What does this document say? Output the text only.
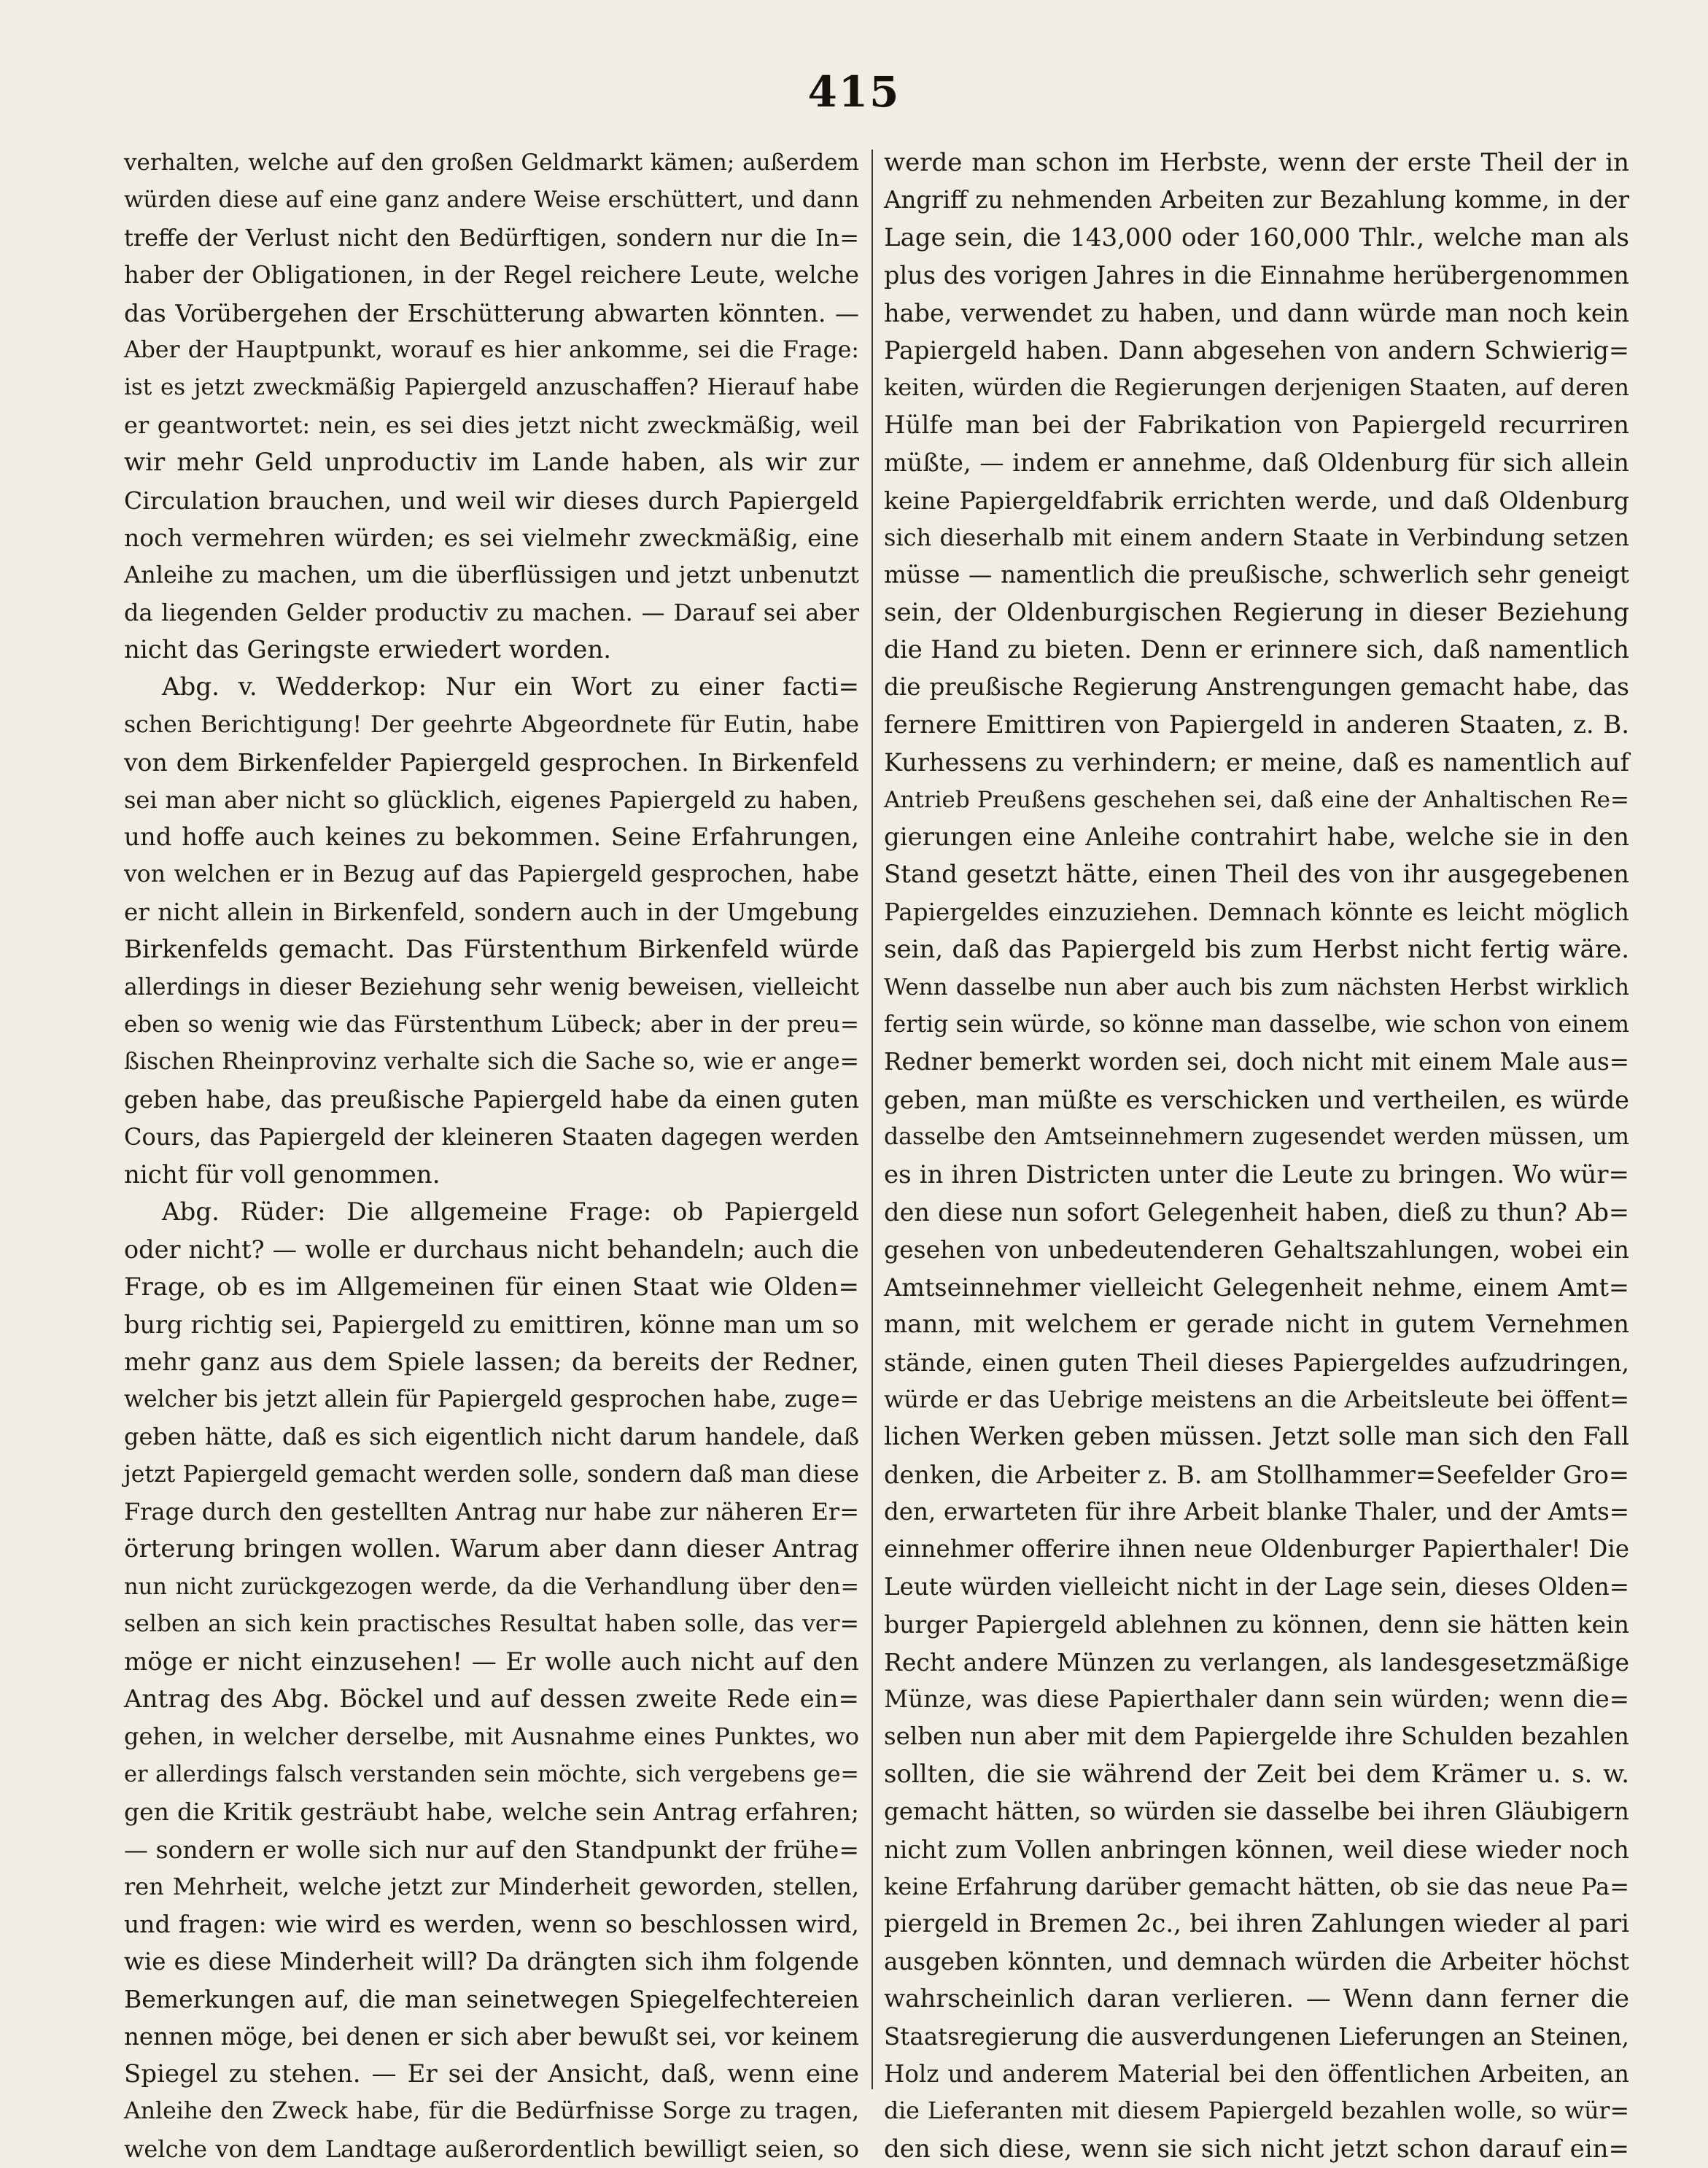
415
verhalten, welche auf den großen Geldmarkt kämen; außerdem
würden diese auf eine ganz andere Weise erschüttert, und dann
treffe der Verlust nicht den Bedürftigen, sondern nur die In=
haber der Obligationen, in der Regel reichere Leute, welche
das Vorübergehen der Erschütterung abwarten könnten. —
Aber der Hauptpunkt, worauf es hier ankomme, sei die Frage:
ist es jetzt zweckmäßig Papiergeld anzuschaffen? Hierauf habe
er geantwortet: nein, es sei dies jetzt nicht zweckmäßig, weil
wir mehr Geld unproductiv im Lande haben, als wir zur
Circulation brauchen, und weil wir dieses durch Papiergeld
noch vermehren würden; es sei vielmehr zweckmäßig, eine
Anleihe zu machen, um die überflüssigen und jetzt unbenutzt
da liegenden Gelder productiv zu machen. — Darauf sei aber
nicht das Geringste erwiedert worden.
Abg. v. Wedderkop: Nur ein Wort zu einer facti=
schen Berichtigung! Der geehrte Abgeordnete für Eutin, habe
von dem Birkenfelder Papiergeld gesprochen. In Birkenfeld
sei man aber nicht so glücklich, eigenes Papiergeld zu haben,
und hoffe auch keines zu bekommen. Seine Erfahrungen,
von welchen er in Bezug auf das Papiergeld gesprochen, habe
er nicht allein in Birkenfeld, sondern auch in der Umgebung
Birkenfelds gemacht. Das Fürstenthum Birkenfeld würde
allerdings in dieser Beziehung sehr wenig beweisen, vielleicht
eben so wenig wie das Fürstenthum Lübeck; aber in der preu=
ßischen Rheinprovinz verhalte sich die Sache so, wie er ange=
geben habe, das preußische Papiergeld habe da einen guten
Cours, das Papiergeld der kleineren Staaten dagegen werden
nicht für voll genommen.
Abg. Rüder: Die allgemeine Frage: ob Papiergeld
oder nicht? — wolle er durchaus nicht behandeln; auch die
Frage, ob es im Allgemeinen für einen Staat wie Olden=
burg richtig sei, Papiergeld zu emittiren, könne man um so
mehr ganz aus dem Spiele lassen; da bereits der Redner,
welcher bis jetzt allein für Papiergeld gesprochen habe, zuge=
geben hätte, daß es sich eigentlich nicht darum handele, daß
jetzt Papiergeld gemacht werden solle, sondern daß man diese
Frage durch den gestellten Antrag nur habe zur näheren Er=
örterung bringen wollen. Warum aber dann dieser Antrag
nun nicht zurückgezogen werde, da die Verhandlung über den=
selben an sich kein practisches Resultat haben solle, das ver=
möge er nicht einzusehen! — Er wolle auch nicht auf den
Antrag des Abg. Böckel und auf dessen zweite Rede ein=
gehen, in welcher derselbe, mit Ausnahme eines Punktes, wo
er allerdings falsch verstanden sein möchte, sich vergebens ge=
gen die Kritik gesträubt habe, welche sein Antrag erfahren;
— sondern er wolle sich nur auf den Standpunkt der frühe=
ren Mehrheit, welche jetzt zur Minderheit geworden, stellen,
und fragen: wie wird es werden, wenn so beschlossen wird,
wie es diese Minderheit will? Da drängten sich ihm folgende
Bemerkungen auf, die man seinetwegen Spiegelfechtereien
nennen möge, bei denen er sich aber bewußt sei, vor keinem
Spiegel zu stehen. — Er sei der Ansicht, daß, wenn eine
Anleihe den Zweck habe, für die Bedürfnisse Sorge zu tragen,
welche von dem Landtage außerordentlich bewilligt seien, so
werde man schon im Herbste, wenn der erste Theil der in
Angriff zu nehmenden Arbeiten zur Bezahlung komme, in der
Lage sein, die 143,000 oder 160,000 Thlr., welche man als
plus des vorigen Jahres in die Einnahme herübergenommen
habe, verwendet zu haben, und dann würde man noch kein
Papiergeld haben. Dann abgesehen von andern Schwierig=
keiten, würden die Regierungen derjenigen Staaten, auf deren
Hülfe man bei der Fabrikation von Papiergeld recurriren
müßte, — indem er annehme, daß Oldenburg für sich allein
keine Papiergeldfabrik errichten werde, und daß Oldenburg
sich dieserhalb mit einem andern Staate in Verbindung setzen
müsse — namentlich die preußische, schwerlich sehr geneigt
sein, der Oldenburgischen Regierung in dieser Beziehung
die Hand zu bieten. Denn er erinnere sich, daß namentlich
die preußische Regierung Anstrengungen gemacht habe, das
fernere Emittiren von Papiergeld in anderen Staaten, z. B.
Kurhessens zu verhindern; er meine, daß es namentlich auf
Antrieb Preußens geschehen sei, daß eine der Anhaltischen Re=
gierungen eine Anleihe contrahirt habe, welche sie in den
Stand gesetzt hätte, einen Theil des von ihr ausgegebenen
Papiergeldes einzuziehen. Demnach könnte es leicht möglich
sein, daß das Papiergeld bis zum Herbst nicht fertig wäre.
Wenn dasselbe nun aber auch bis zum nächsten Herbst wirklich
fertig sein würde, so könne man dasselbe, wie schon von einem
Redner bemerkt worden sei, doch nicht mit einem Male aus=
geben, man müßte es verschicken und vertheilen, es würde
dasselbe den Amtseinnehmern zugesendet werden müssen, um
es in ihren Districten unter die Leute zu bringen. Wo wür=
den diese nun sofort Gelegenheit haben, dieß zu thun? Ab=
gesehen von unbedeutenderen Gehaltszahlungen, wobei ein
Amtseinnehmer vielleicht Gelegenheit nehme, einem Amt=
mann, mit welchem er gerade nicht in gutem Vernehmen
stände, einen guten Theil dieses Papiergeldes aufzudringen,
würde er das Uebrige meistens an die Arbeitsleute bei öffent=
lichen Werken geben müssen. Jetzt solle man sich den Fall
denken, die Arbeiter z. B. am Stollhammer=Seefelder Gro=
den, erwarteten für ihre Arbeit blanke Thaler, und der Amts=
einnehmer offerire ihnen neue Oldenburger Papierthaler! Die
Leute würden vielleicht nicht in der Lage sein, dieses Olden=
burger Papiergeld ablehnen zu können, denn sie hätten kein
Recht andere Münzen zu verlangen, als landesgesetzmäßige
Münze, was diese Papierthaler dann sein würden; wenn die=
selben nun aber mit dem Papiergelde ihre Schulden bezahlen
sollten, die sie während der Zeit bei dem Krämer u. s. w.
gemacht hätten, so würden sie dasselbe bei ihren Gläubigern
nicht zum Vollen anbringen können, weil diese wieder noch
keine Erfahrung darüber gemacht hätten, ob sie das neue Pa=
piergeld in Bremen 2c., bei ihren Zahlungen wieder al pari
ausgeben könnten, und demnach würden die Arbeiter höchst
wahrscheinlich daran verlieren. — Wenn dann ferner die
Staatsregierung die ausverdungenen Lieferungen an Steinen,
Holz und anderem Material bei den öffentlichen Arbeiten, an
die Lieferanten mit diesem Papiergeld bezahlen wolle, so wür=
den sich diese, wenn sie sich nicht jetzt schon darauf ein=
